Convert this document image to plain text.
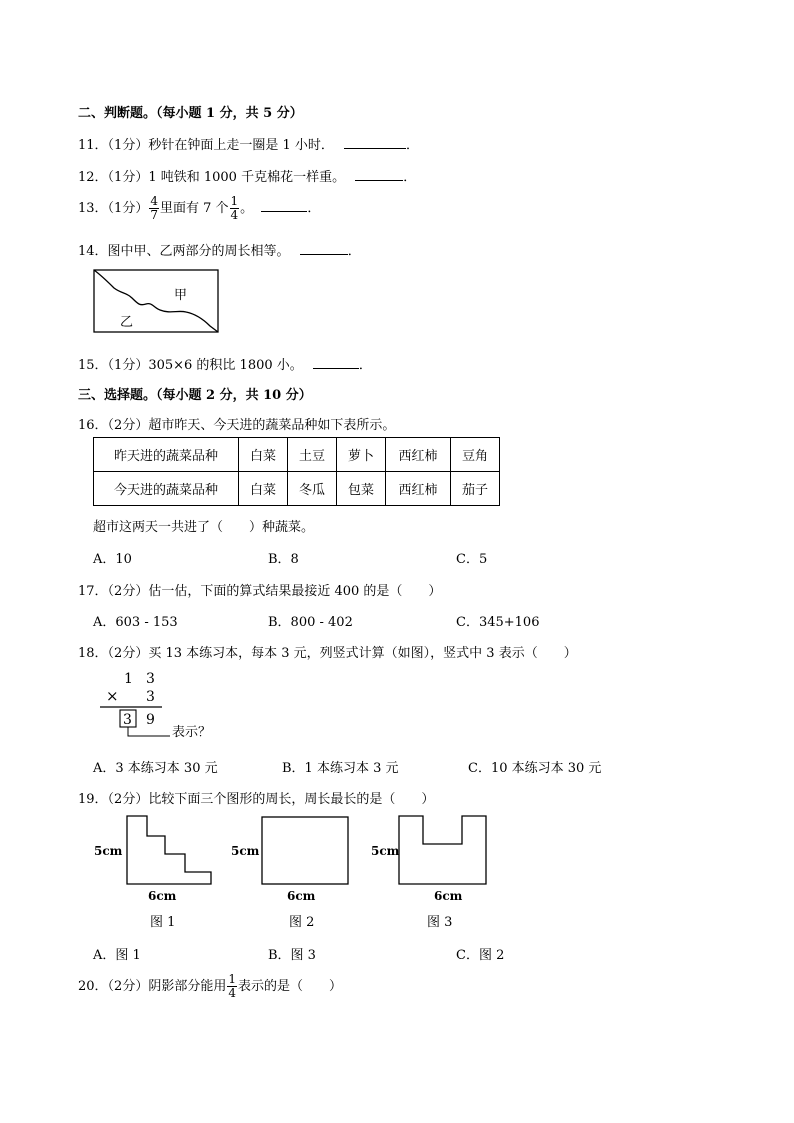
二、判断题。（每小题 1 分，共 5 分）
11．（1分）秒针在钟面上走一圈是 1 小时．	．
12．（1分）1 吨铁和 1000 千克棉花一样重。	．
13．（1分） $\frac{4}{7}$ 里面有 7 个 $\frac{1}{4}$ 。	．
14．图中甲、乙两部分的周长相等。	．
甲
乙
15．（1分）305×6 的积比 1800 小。	．
三、选择题。（每小题 2 分，共 10 分）
16．（2分）超市昨天、今天进的蔬菜品种如下表所示。
昨天进的蔬菜品种	白菜	土豆	萝卜	西红柿	豆角
今天进的蔬菜品种	白菜	冬瓜	包菜	西红柿	茄子
超市这两天一共进了（　　）种蔬菜。
A．10	B．8	C．5
17．（2分）估一估，下面的算式结果最接近 400 的是（　　）
A．603 - 153	B．800 - 402	C．345+106
18．（2分）买 13 本练习本，每本 3 元，列竖式计算（如图），竖式中 3 表示（　　）
1 3
× 3
3 9
表示？
A．3 本练习本 30 元	B．1 本练习本 3 元	C．10 本练习本 30 元
19．（2分）比较下面三个图形的周长，周长最长的是（　　）
5cm
6cm
图 1
5cm
6cm
图 2
5cm
6cm
图 3
A．图 1	B．图 3	C．图 2
20．（2分）阴影部分能用 $\frac{1}{4}$ 表示的是（　　）
